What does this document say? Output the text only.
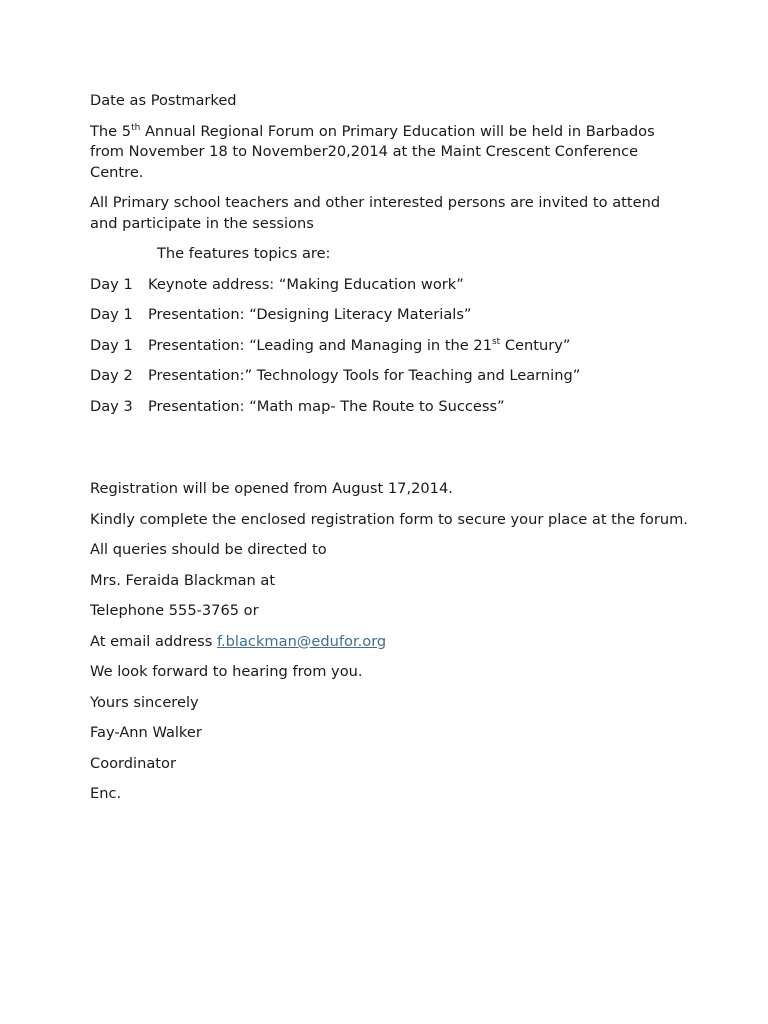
Date as Postmarked

The 5th Annual Regional Forum on Primary Education will be held in Barbados from November 18 to November20,2014 at the Maint Crescent Conference Centre.

All Primary school teachers and other interested persons are invited to attend and participate in the sessions

The features topics are:

Day 1 Keynote address: “Making Education work”

Day 1 Presentation: “Designing Literacy Materials”

Day 1 Presentation: “Leading and Managing in the 21st Century”

Day 2 Presentation:” Technology Tools for Teaching and Learning”

Day 3 Presentation: “Math map- The Route to Success”

Registration will be opened from August 17,2014.

Kindly complete the enclosed registration form to secure your place at the forum.

All queries should be directed to

Mrs. Feraida Blackman at

Telephone 555-3765 or

At email address f.blackman@edufor.org

We look forward to hearing from you.

Yours sincerely

Fay-Ann Walker

Coordinator

Enc.
